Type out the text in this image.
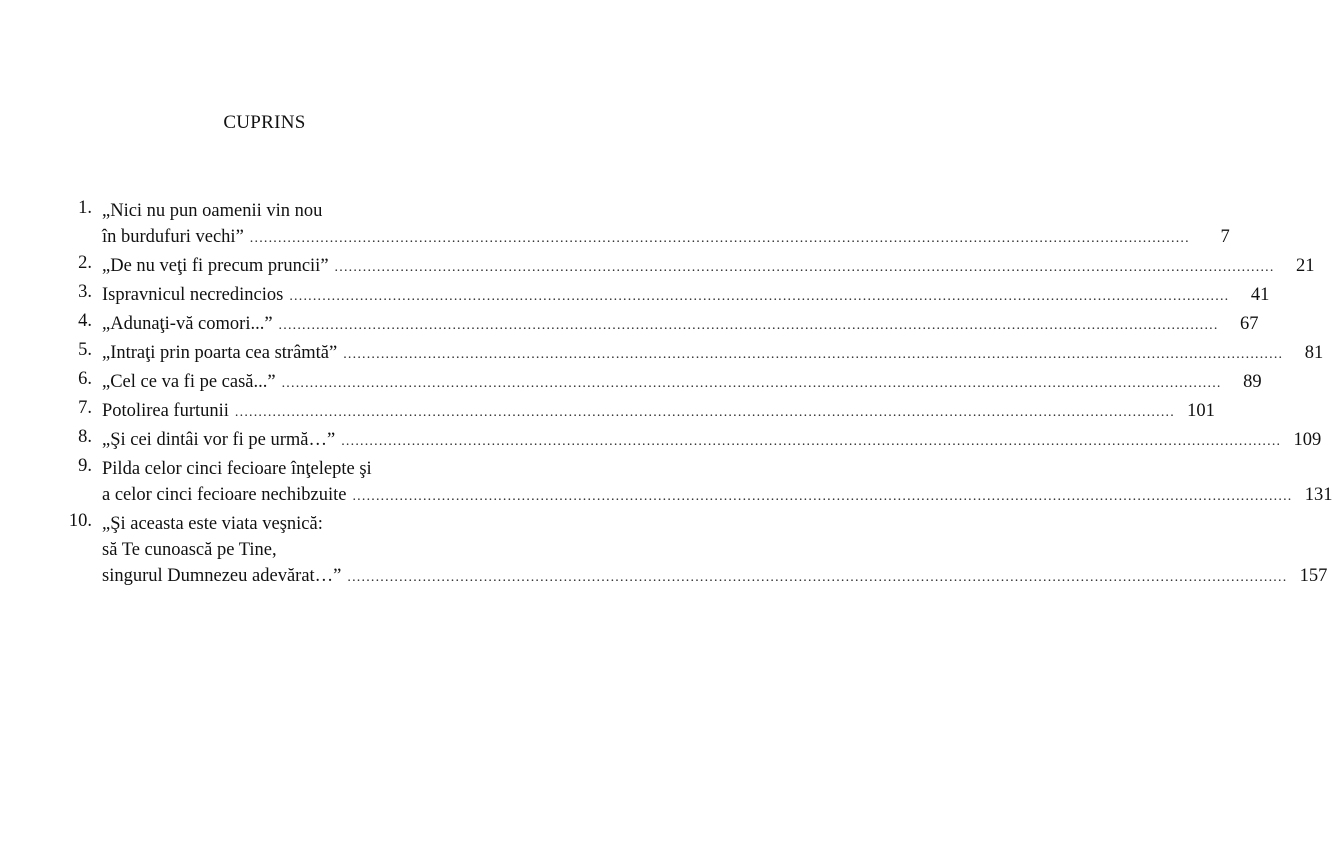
CUPRINS
1. „Nici nu pun oamenii vin nou
în burdufuri vechi” ........................................................................................................................................................................................................	7
2. „De nu veţi fi precum pruncii” ........................................................................................................................................................................................................	21
3. Ispravnicul necredincios ........................................................................................................................................................................................................	41
4. „Adunaţi-vă comori...” ........................................................................................................................................................................................................	67
5. „Intraţi prin poarta cea strâmtă” ........................................................................................................................................................................................................	81
6. „Cel ce va fi pe casă...” ........................................................................................................................................................................................................	89
7. Potolirea furtunii ........................................................................................................................................................................................................ 101
8. „Şi cei dintâi vor fi pe urmă…” ........................................................................................................................................................................................................ 109
9. Pilda celor cinci fecioare înţelepte şi
a celor cinci fecioare nechibzuite ........................................................................................................................................................................................................ 131
10. „Şi aceasta este viata veşnică:
să Te cunoască pe Tine,
singurul Dumnezeu adevărat…” ........................................................................................................................................................................................................ 157
